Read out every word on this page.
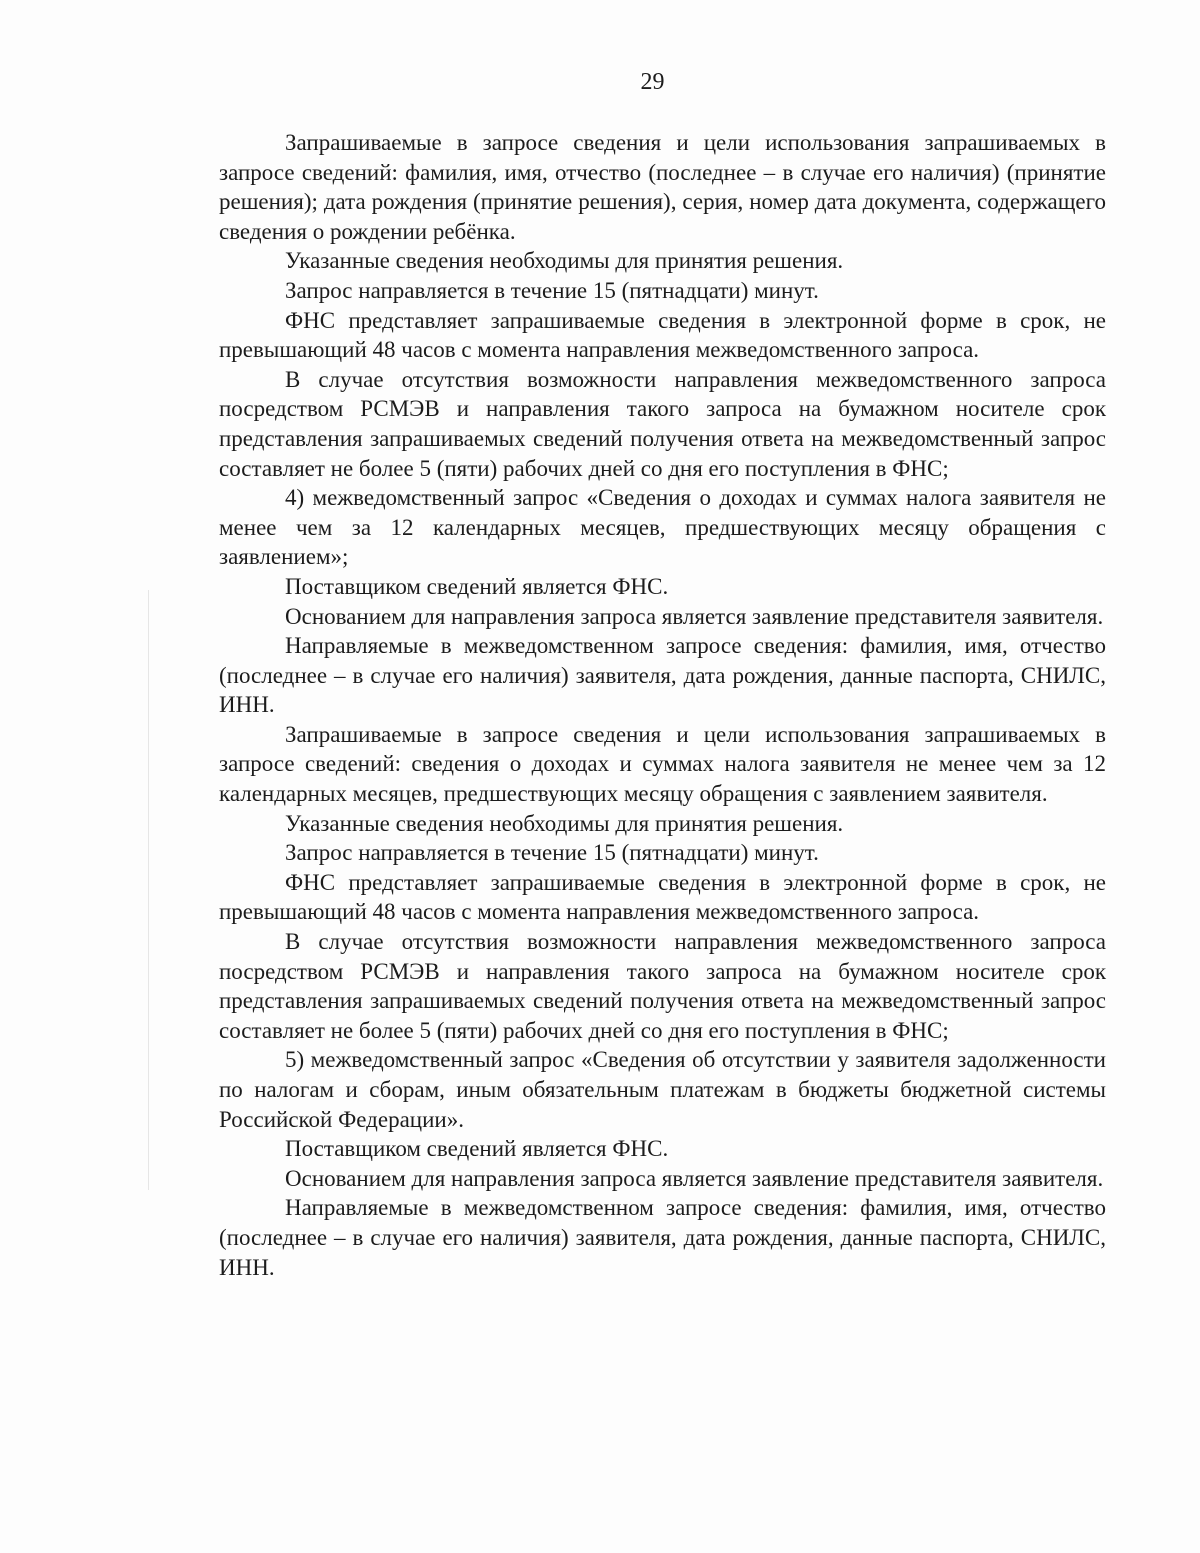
29

Запрашиваемые в запросе сведения и цели использования запрашиваемых в запросе сведений: фамилия, имя, отчество (последнее – в случае его наличия) (принятие решения); дата рождения (принятие решения), серия, номер дата документа, содержащего сведения о рождении ребёнка.

Указанные сведения необходимы для принятия решения.

Запрос направляется в течение 15 (пятнадцати) минут.

ФНС представляет запрашиваемые сведения в электронной форме в срок, не превышающий 48 часов с момента направления межведомственного запроса.

В случае отсутствия возможности направления межведомственного запроса посредством РСМЭВ и направления такого запроса на бумажном носителе срок представления запрашиваемых сведений получения ответа на межведомственный запрос составляет не более 5 (пяти) рабочих дней со дня его поступления в ФНС;

4) межведомственный запрос «Сведения о доходах и суммах налога заявителя не менее чем за 12 календарных месяцев, предшествующих месяцу обращения с заявлением»;

Поставщиком сведений является ФНС.

Основанием для направления запроса является заявление представителя заявителя.

Направляемые в межведомственном запросе сведения: фамилия, имя, отчество (последнее – в случае его наличия) заявителя, дата рождения, данные паспорта, СНИЛС, ИНН.

Запрашиваемые в запросе сведения и цели использования запрашиваемых в запросе сведений: сведения о доходах и суммах налога заявителя не менее чем за 12 календарных месяцев, предшествующих месяцу обращения с заявлением заявителя.

Указанные сведения необходимы для принятия решения.

Запрос направляется в течение 15 (пятнадцати) минут.

ФНС представляет запрашиваемые сведения в электронной форме в срок, не превышающий 48 часов с момента направления межведомственного запроса.

В случае отсутствия возможности направления межведомственного запроса посредством РСМЭВ и направления такого запроса на бумажном носителе срок представления запрашиваемых сведений получения ответа на межведомственный запрос составляет не более 5 (пяти) рабочих дней со дня его поступления в ФНС;

5) межведомственный запрос «Сведения об отсутствии у заявителя задолженности по налогам и сборам, иным обязательным платежам в бюджеты бюджетной системы Российской Федерации».

Поставщиком сведений является ФНС.

Основанием для направления запроса является заявление представителя заявителя.

Направляемые в межведомственном запросе сведения: фамилия, имя, отчество (последнее – в случае его наличия) заявителя, дата рождения, данные паспорта, СНИЛС, ИНН.
